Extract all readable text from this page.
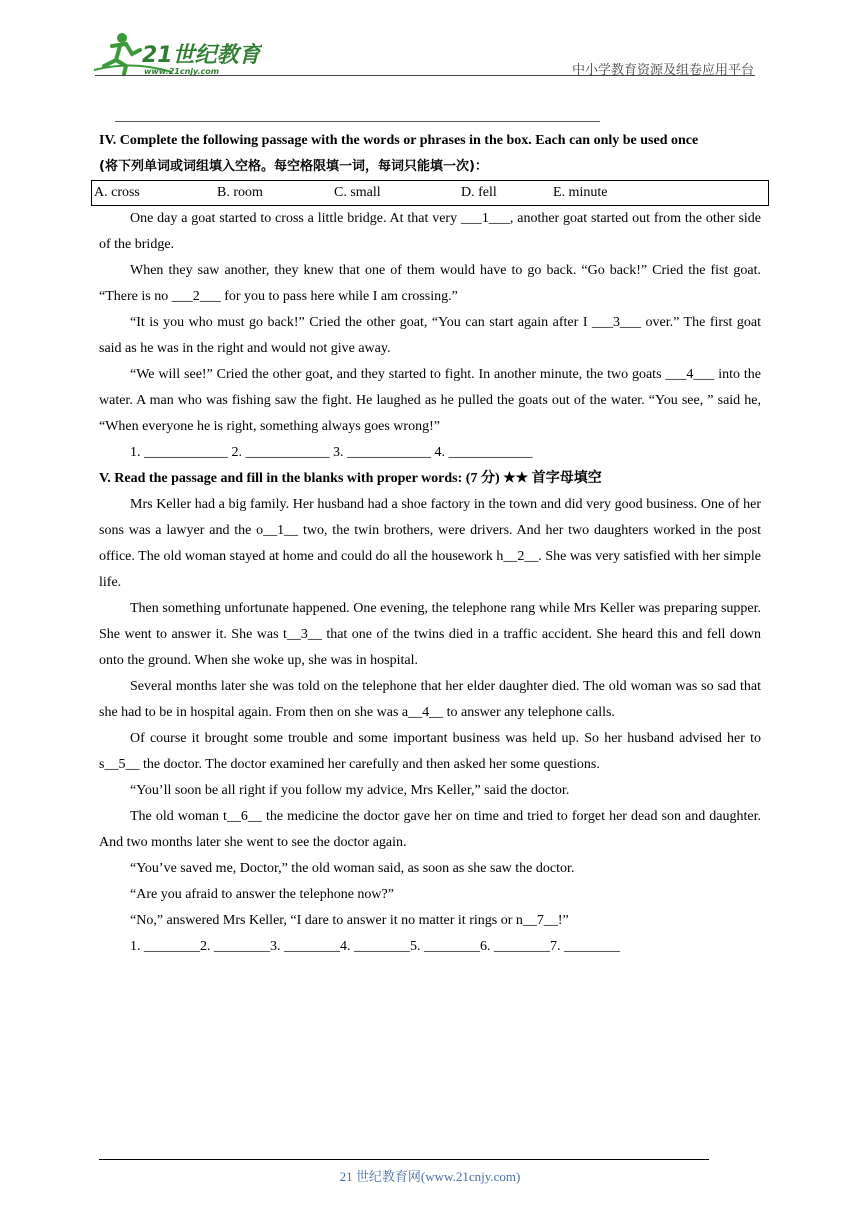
21世纪教育
www.21cnjy.com	中小学教育资源及组卷应用平台

IV. Complete the following passage with the words or phrases in the box. Each can only be used once

(将下列单词或词组填入空格。每空格限填一词，每词只能填一次)：

A. cross	B. room	C. small	D. fell	E. minute

One day a goat started to cross a little bridge. At that very ___1___, another goat started out from the other side of the bridge.

When they saw another, they knew that one of them would have to go back. “Go back!” Cried the fist goat. “There is no ___2___ for you to pass here while I am crossing.”

“It is you who must go back!” Cried the other goat, “You can start again after I ___3___ over.” The first goat said as he was in the right and would not give away.

“We will see!” Cried the other goat, and they started to fight. In another minute, the two goats ___4___ into the water. A man who was fishing saw the fight. He laughed as he pulled the goats out of the water. “You see, ” said he, “When everyone he is right, something always goes wrong!”

1. ____________ 2. ____________ 3. ____________ 4. ____________

V. Read the passage and fill in the blanks with proper words: (7 分) ★★ 首字母填空

Mrs Keller had a big family. Her husband had a shoe factory in the town and did very good business. One of her sons was a lawyer and the o__1__ two, the twin brothers, were drivers. And her two daughters worked in the post office. The old woman stayed at home and could do all the housework h__2__. She was very satisfied with her simple life.

Then something unfortunate happened. One evening, the telephone rang while Mrs Keller was preparing supper. She went to answer it. She was t__3__ that one of the twins died in a traffic accident. She heard this and fell down onto the ground. When she woke up, she was in hospital.

Several months later she was told on the telephone that her elder daughter died. The old woman was so sad that she had to be in hospital again. From then on she was a__4__ to answer any telephone calls.

Of course it brought some trouble and some important business was held up. So her husband advised her to s__5__ the doctor. The doctor examined her carefully and then asked her some questions.

“You’ll soon be all right if you follow my advice, Mrs Keller,” said the doctor.

The old woman t__6__ the medicine the doctor gave her on time and tried to forget her dead son and daughter. And two months later she went to see the doctor again.

“You’ve saved me, Doctor,” the old woman said, as soon as she saw the doctor.

“Are you afraid to answer the telephone now?”

“No,” answered Mrs Keller, “I dare to answer it no matter it rings or n__7__!”

1. ________2. ________3. ________4. ________5. ________6. ________7. ________

21 世纪教育网(www.21cnjy.com)
